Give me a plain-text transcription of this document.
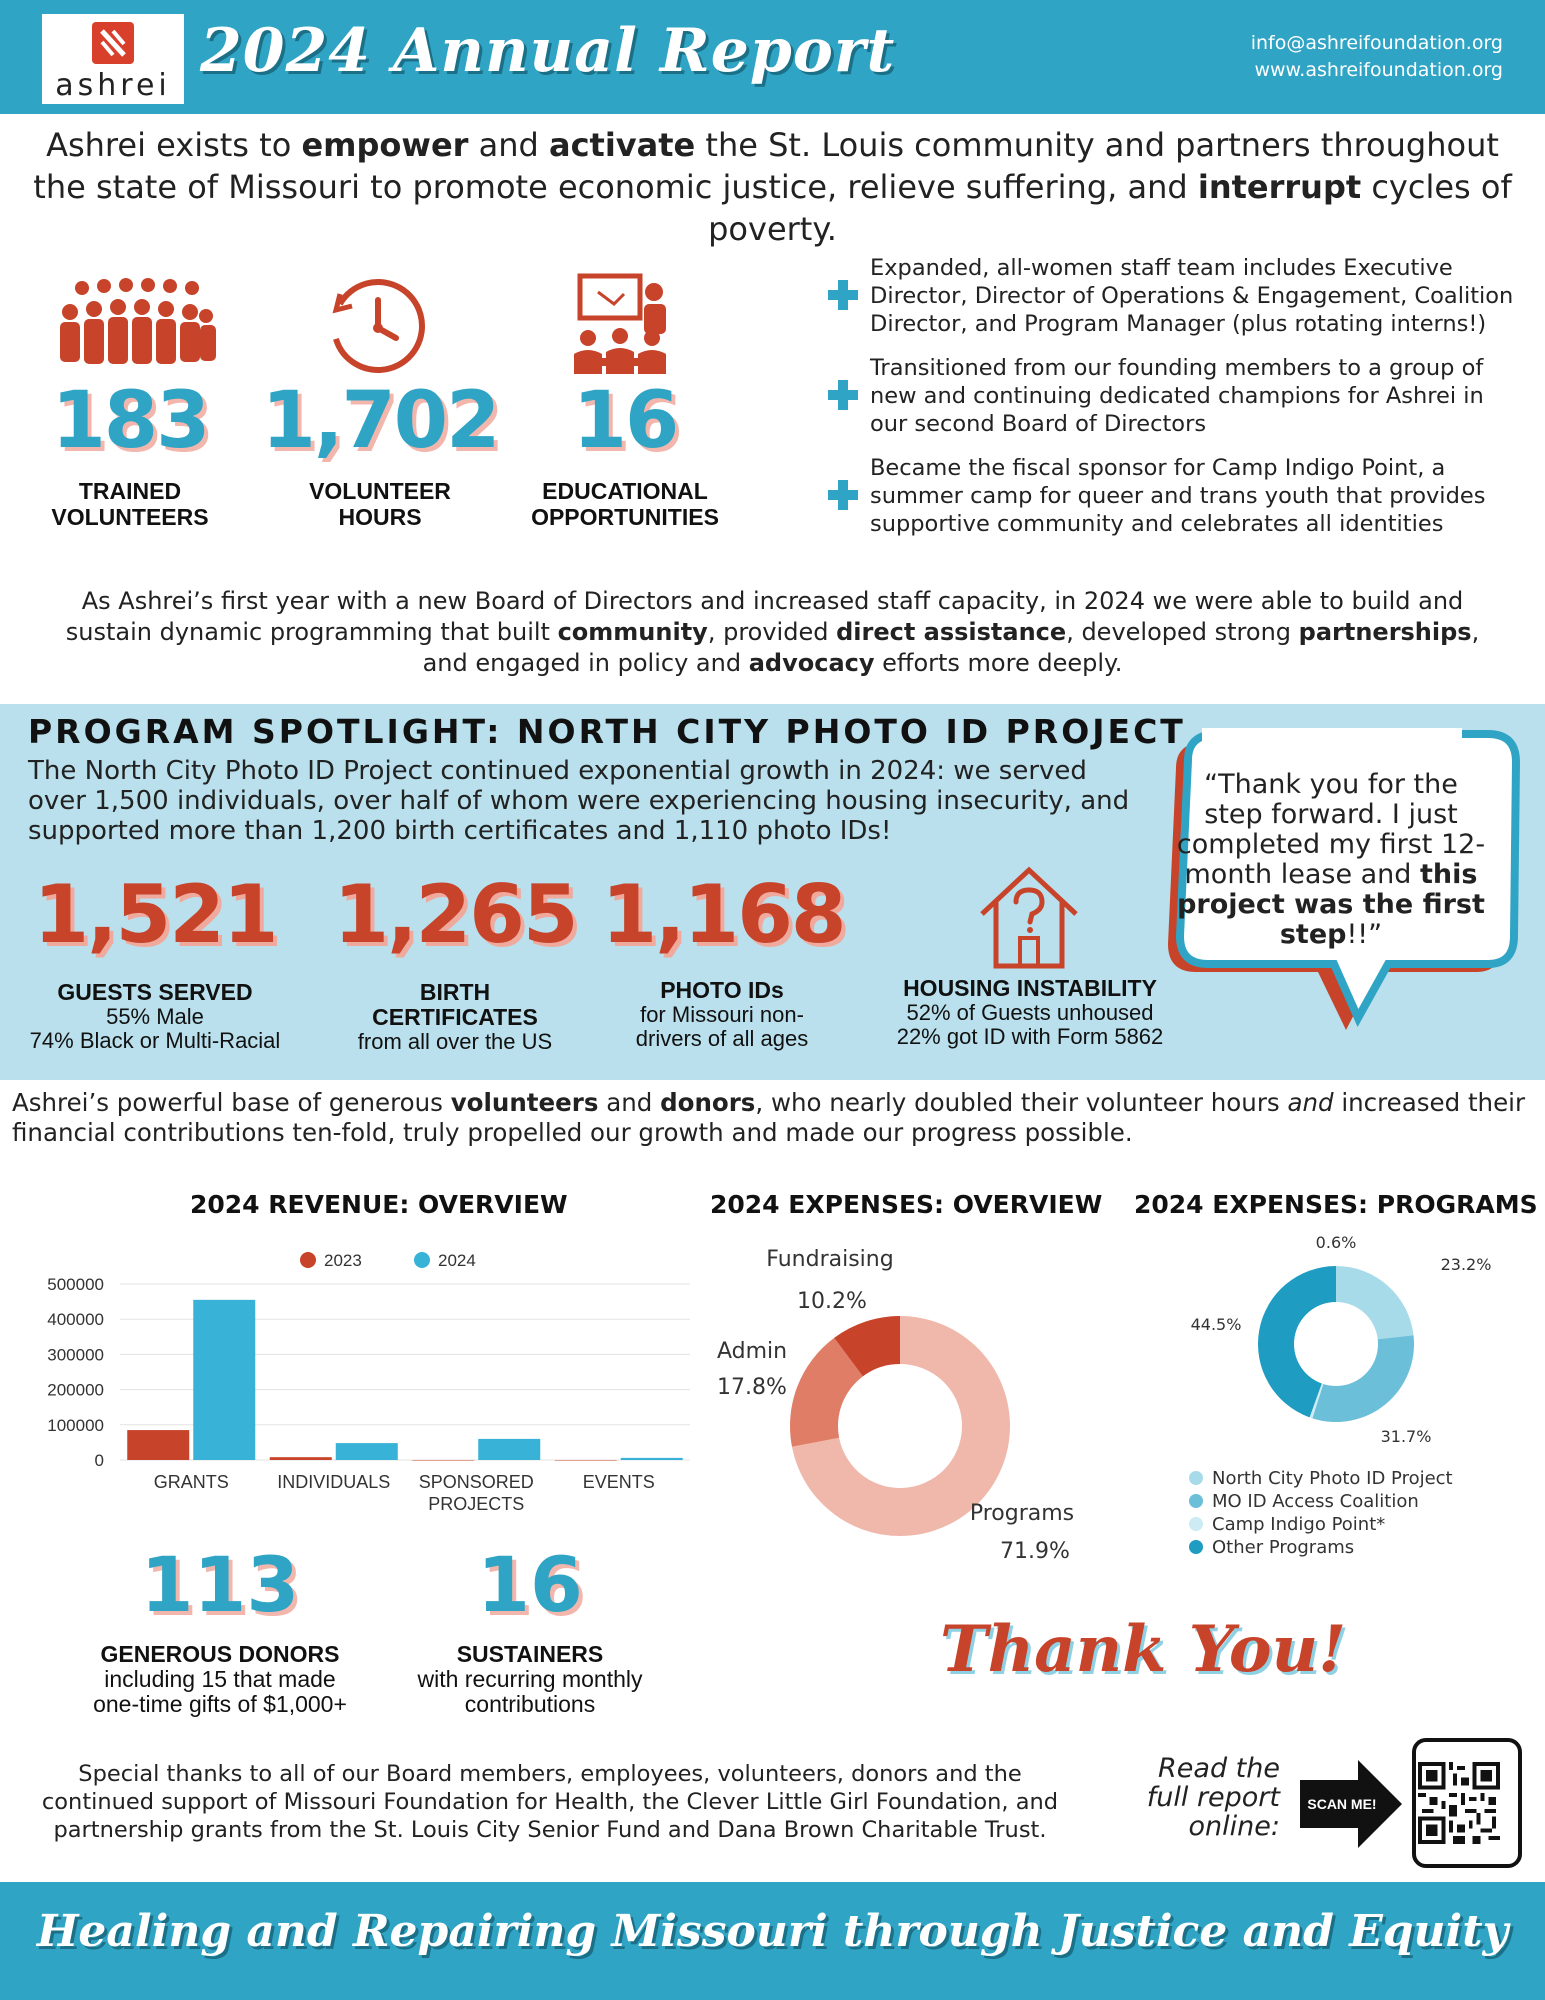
ashrei 2024 Annual Report	info@ashreifoundation.org
www.ashreifoundation.org
Ashrei exists to empower and activate the St. Louis community and partners throughout the state of Missouri to promote economic justice, relieve suffering, and interrupt cycles of poverty.
183
TRAINED
VOLUNTEERS
1,702
VOLUNTEER
HOURS
16
EDUCATIONAL
OPPORTUNITIES
Expanded, all-women staff team includes Executive Director, Director of Operations & Engagement, Coalition Director, and Program Manager (plus rotating interns!)
Transitioned from our founding members to a group of new and continuing dedicated champions for Ashrei in our second Board of Directors
Became the fiscal sponsor for Camp Indigo Point, a summer camp for queer and trans youth that provides supportive community and celebrates all identities
As Ashrei’s first year with a new Board of Directors and increased staff capacity, in 2024 we were able to build and sustain dynamic programming that built community, provided direct assistance, developed strong partnerships, and engaged in policy and advocacy efforts more deeply.
PROGRAM SPOTLIGHT: NORTH CITY PHOTO ID PROJECT
The North City Photo ID Project continued exponential growth in 2024: we served over 1,500 individuals, over half of whom were experiencing housing insecurity, and supported more than 1,200 birth certificates and 1,110 photo IDs!
1,521
GUESTS SERVED
55% Male
74% Black or Multi-Racial
1,265
BIRTH
CERTIFICATES
from all over the US
1,168
PHOTO IDs
for Missouri non-
drivers of all ages
HOUSING INSTABILITY
52% of Guests unhoused
22% got ID with Form 5862
“Thank you for the step forward. I just completed my first 12-month lease and this project was the first step!!”
Ashrei’s powerful base of generous volunteers and donors, who nearly doubled their volunteer hours and increased their financial contributions ten-fold, truly propelled our growth and made our progress possible.
2024 REVENUE: OVERVIEW	2024 EXPENSES: OVERVIEW 2024 EXPENSES: PROGRAMS
2023	2024
500000
400000
300000
200000
100000
0
GRANTS	INDIVIDUALS SPONSORED
PROJECTS
EVENTS
Programs
71.9%
Admin
17.8%
Fundraising
10.2%
23.2%
31.7%
0.6%
44.5%
North City Photo ID Project
MO ID Access Coalition
Camp Indigo Point*
Other Programs
113
GENEROUS DONORS
including 15 that made
one-time gifts of $1,000+
16
SUSTAINERS
with recurring monthly
contributions
Thank You!
Special thanks to all of our Board members, employees, volunteers, donors and the continued support of Missouri Foundation for Health, the Clever Little Girl Foundation, and partnership grants from the St. Louis City Senior Fund and Dana Brown Charitable Trust.
Read the full report online:
SCAN ME!
Healing and Repairing Missouri through Justice and Equity
